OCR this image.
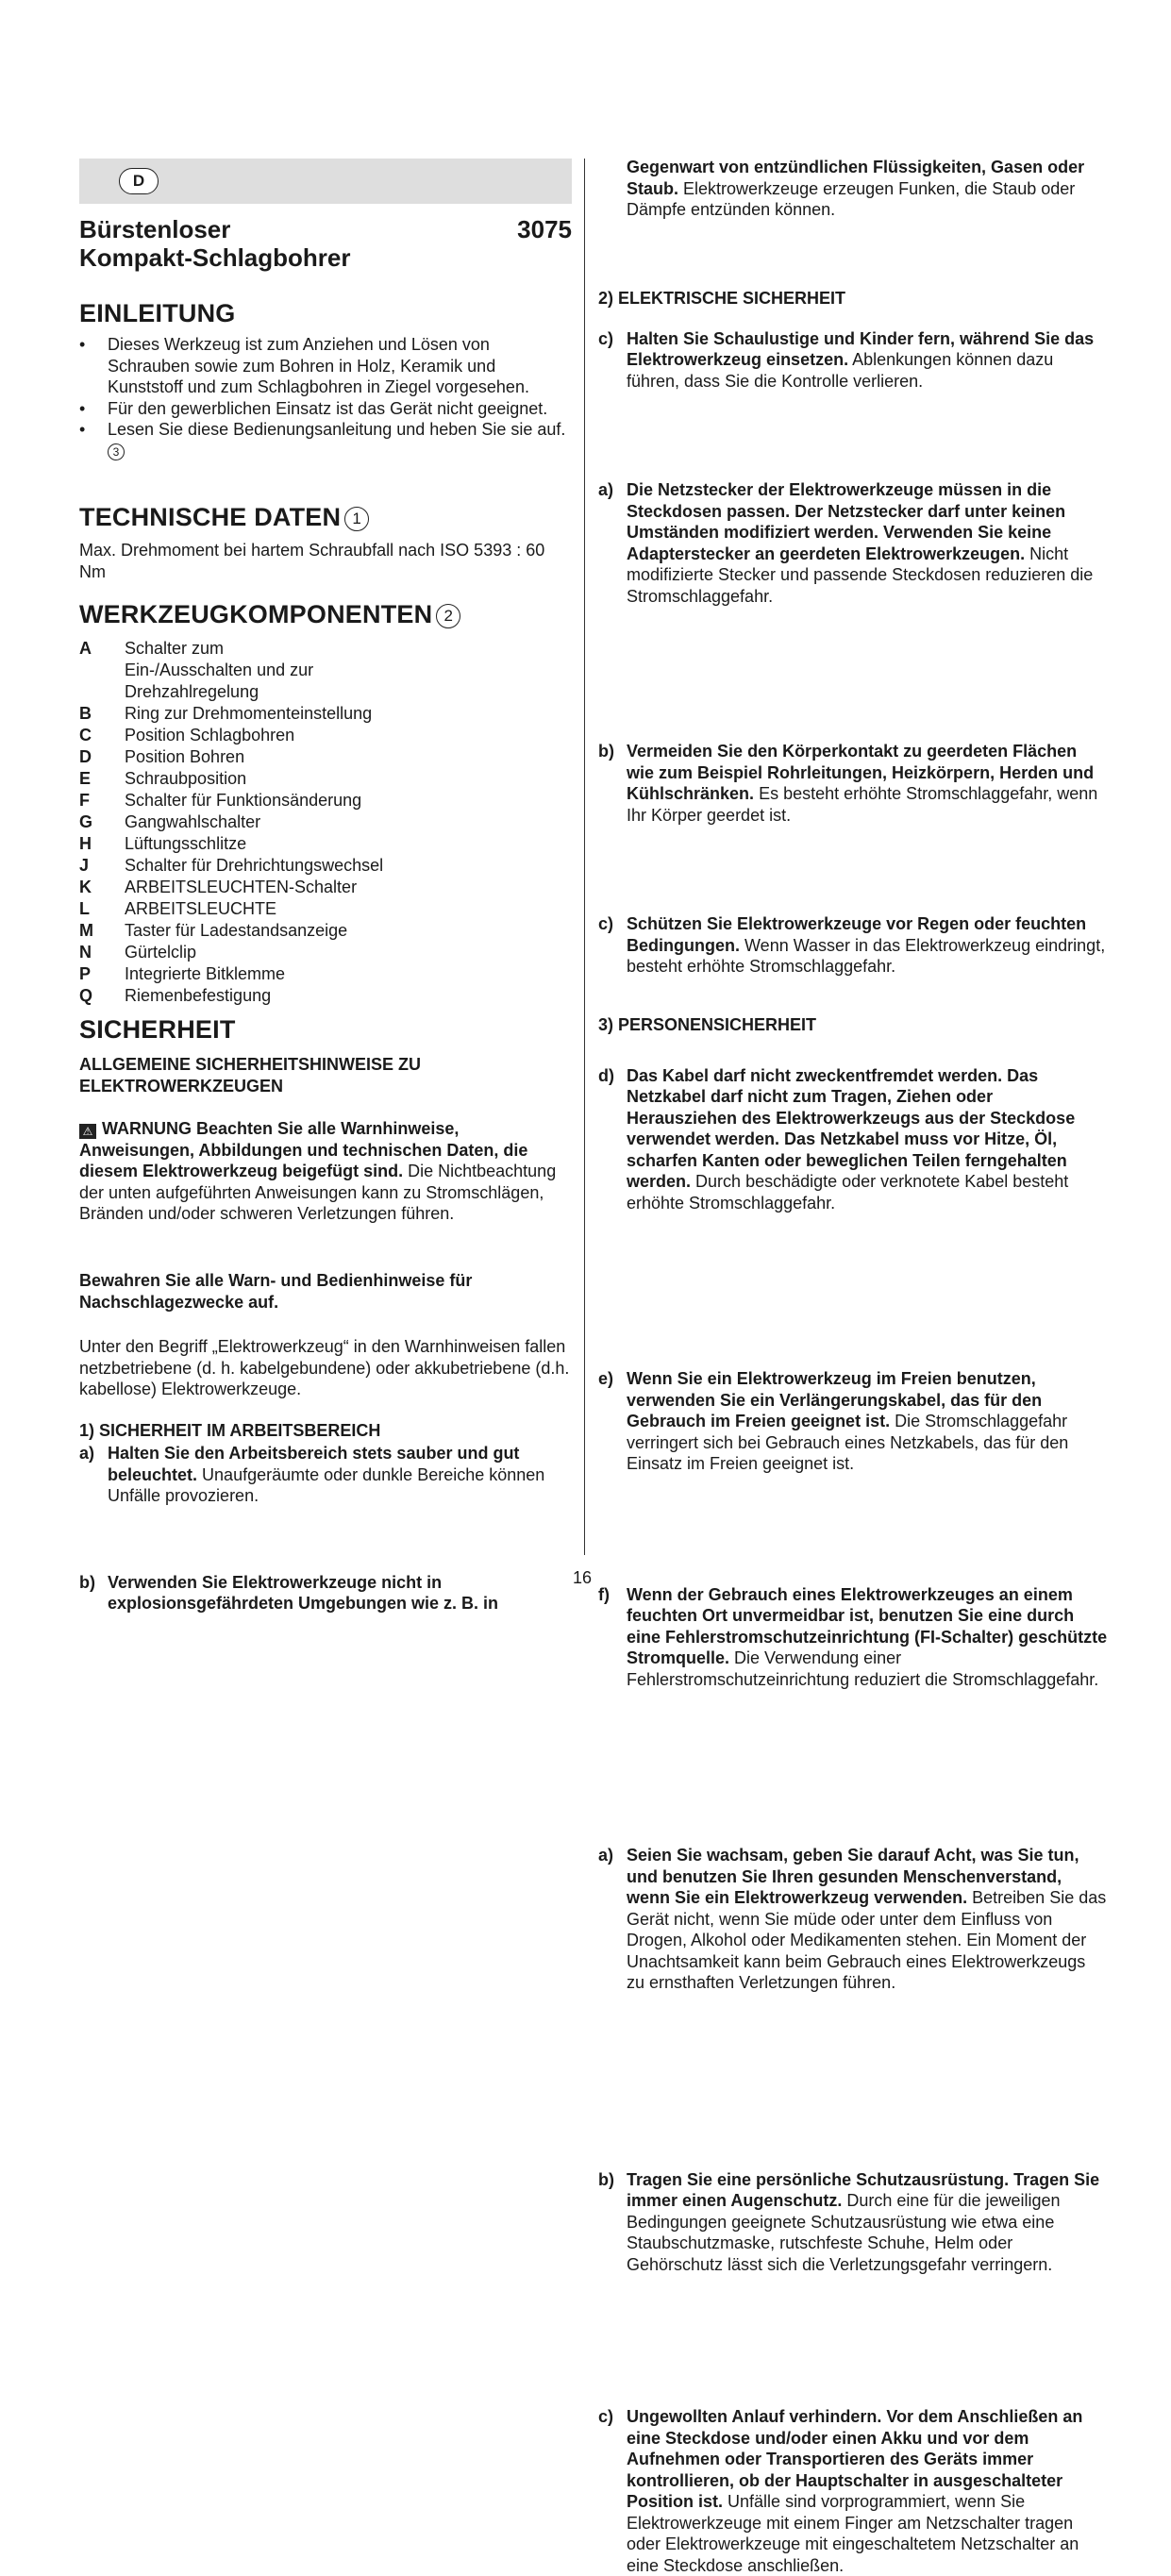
D
Bürstenloser
Kompakt-Schlagbohrer
3075
EINLEITUNG
• Dieses Werkzeug ist zum Anziehen und Lösen von Schrauben sowie zum Bohren in Holz, Keramik und Kunststoff und zum Schlagbohren in Ziegel vorgesehen.
• Für den gewerblichen Einsatz ist das Gerät nicht geeignet.
• Lesen Sie diese Bedienungsanleitung und heben Sie sie auf.3
TECHNISCHE DATEN 1
Max. Drehmoment bei hartem Schraubfall nach ISO 5393 : 60 Nm
WERKZEUGKOMPONENTEN 2
A	Schalter zum Ein-/Ausschalten und zur Drehzahlregelung
B	Ring zur Drehmomenteinstellung
C	Position Schlagbohren
D	Position Bohren
E	Schraubposition
F	Schalter für Funktionsänderung
G	Gangwahlschalter
H	Lüftungsschlitze
J	Schalter für Drehrichtungswechsel
K	ARBEITSLEUCHTEN-Schalter
L	ARBEITSLEUCHTE
M	Taster für Ladestandsanzeige
N	Gürtelclip
P	Integrierte Bitklemme
Q	Riemenbefestigung
SICHERHEIT
ALLGEMEINE SICHERHEITSHINWEISE ZU ELEKTROWERKZEUGEN
⚠ WARNUNG Beachten Sie alle Warnhinweise, Anweisungen, Abbildungen und technischen Daten, die diesem Elektrowerkzeug beigefügt sind. Die Nichtbeachtung der unten aufgeführten Anweisungen kann zu Stromschlägen, Bränden und/oder schweren Verletzungen führen.
Bewahren Sie alle Warn- und Bedienhinweise für Nachschlagezwecke auf.
Unter den Begriff „Elektrowerkzeug“ in den Warnhinweisen fallen netzbetriebene (d. h. kabelgebundene) oder akkubetriebene (d.h. kabellose) Elektrowerkzeuge.
1) SICHERHEIT IM ARBEITSBEREICH
a) Halten Sie den Arbeitsbereich stets sauber und gut beleuchtet. Unaufgeräumte oder dunkle Bereiche können Unfälle provozieren.
b) Verwenden Sie Elektrowerkzeuge nicht in explosionsgefährdeten Umgebungen wie z. B. in
Gegenwart von entzündlichen Flüssigkeiten, Gasen oder Staub. Elektrowerkzeuge erzeugen Funken, die Staub oder Dämpfe entzünden können.
c) Halten Sie Schaulustige und Kinder fern, während Sie das Elektrowerkzeug einsetzen. Ablenkungen können dazu führen, dass Sie die Kontrolle verlieren.
2) ELEKTRISCHE SICHERHEIT
a) Die Netzstecker der Elektrowerkzeuge müssen in die Steckdosen passen. Der Netzstecker darf unter keinen Umständen modifiziert werden. Verwenden Sie keine Adapterstecker an geerdeten Elektrowerkzeugen. Nicht modifizierte Stecker und passende Steckdosen reduzieren die Stromschlaggefahr.
b) Vermeiden Sie den Körperkontakt zu geerdeten Flächen wie zum Beispiel Rohrleitungen, Heizkörpern, Herden und Kühlschränken. Es besteht erhöhte Stromschlaggefahr, wenn Ihr Körper geerdet ist.
c) Schützen Sie Elektrowerkzeuge vor Regen oder feuchten Bedingungen. Wenn Wasser in das Elektrowerkzeug eindringt, besteht erhöhte Stromschlaggefahr.
d) Das Kabel darf nicht zweckentfremdet werden. Das Netzkabel darf nicht zum Tragen, Ziehen oder Herausziehen des Elektrowerkzeugs aus der Steckdose verwendet werden. Das Netzkabel muss vor Hitze, Öl, scharfen Kanten oder beweglichen Teilen ferngehalten werden. Durch beschädigte oder verknotete Kabel besteht erhöhte Stromschlaggefahr.
e) Wenn Sie ein Elektrowerkzeug im Freien benutzen, verwenden Sie ein Verlängerungskabel, das für den Gebrauch im Freien geeignet ist. Die Stromschlaggefahr verringert sich bei Gebrauch eines Netzkabels, das für den Einsatz im Freien geeignet ist.
f) Wenn der Gebrauch eines Elektrowerkzeuges an einem feuchten Ort unvermeidbar ist, benutzen Sie eine durch eine Fehlerstromschutzeinrichtung (FI-Schalter) geschützte Stromquelle. Die Verwendung einer Fehlerstromschutzeinrichtung reduziert die Stromschlaggefahr.
3) PERSONENSICHERHEIT
a) Seien Sie wachsam, geben Sie darauf Acht, was Sie tun, und benutzen Sie Ihren gesunden Menschenverstand, wenn Sie ein Elektrowerkzeug verwenden. Betreiben Sie das Gerät nicht, wenn Sie müde oder unter dem Einfluss von Drogen, Alkohol oder Medikamenten stehen. Ein Moment der Unachtsamkeit kann beim Gebrauch eines Elektrowerkzeugs zu ernsthaften Verletzungen führen.
b) Tragen Sie eine persönliche Schutzausrüstung. Tragen Sie immer einen Augenschutz. Durch eine für die jeweiligen Bedingungen geeignete Schutzausrüstung wie etwa eine Staubschutzmaske, rutschfeste Schuhe, Helm oder Gehörschutz lässt sich die Verletzungsgefahr verringern.
c) Ungewollten Anlauf verhindern. Vor dem Anschließen an eine Steckdose und/oder einen Akku und vor dem Aufnehmen oder Transportieren des Geräts immer kontrollieren, ob der Hauptschalter in ausgeschalteter Position ist. Unfälle sind vorprogrammiert, wenn Sie Elektrowerkzeuge mit einem Finger am Netzschalter tragen oder Elektrowerkzeuge mit eingeschaltetem Netzschalter an eine Steckdose anschließen.
16
